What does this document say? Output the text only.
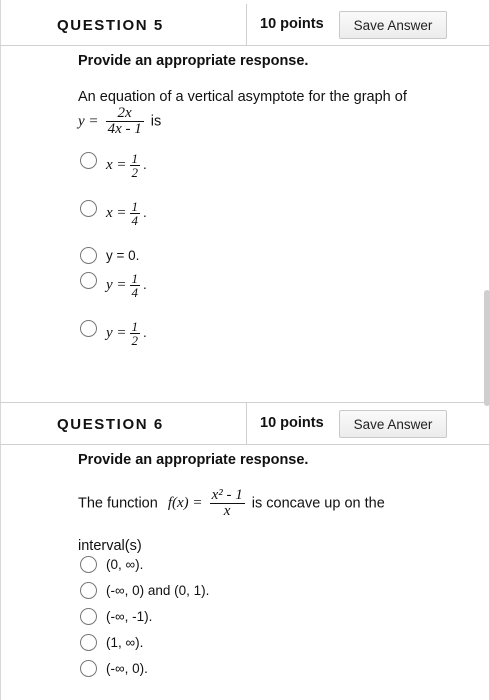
QUESTION 5	10 points	Save Answer
Provide an appropriate response.
An equation of a vertical asymptote for the graph of
$y = \frac{2x}{4x - 1}$ is
$x = \frac{1}{2}$ .
$x = \frac{1}{4}$ .
y = 0.
$y = \frac{1}{4}$ .
$y = \frac{1}{2}$ .
QUESTION 6	10 points	Save Answer
Provide an appropriate response.
The function $f(x) = \frac{\text{x² - 1}}{x}$ is concave up on the
interval(s)
(0, ∞).
(-∞, 0) and (0, 1).
(-∞, -1).
(1, ∞).
(-∞, 0).
